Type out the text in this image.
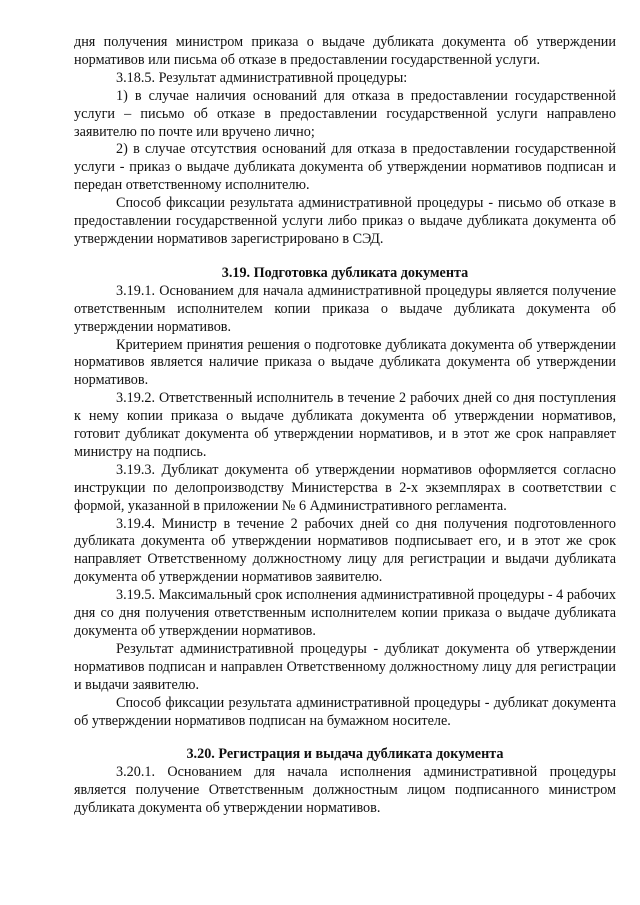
дня получения министром приказа о выдаче дубликата документа об утверждении нормативов или письма об отказе в предоставлении государственной услуги.

3.18.5. Результат административной процедуры:

1) в случае наличия оснований для отказа в предоставлении государственной услуги – письмо об отказе в предоставлении государственной услуги направлено заявителю по почте или вручено лично;

2) в случае отсутствия оснований для отказа в предоставлении государственной услуги - приказ о выдаче дубликата документа об утверждении нормативов подписан и передан ответственному исполнителю.

Способ фиксации результата административной процедуры - письмо об отказе в предоставлении государственной услуги либо приказ о выдаче дубликата документа об утверждении нормативов зарегистрировано в СЭД.

3.19. Подготовка дубликата документа

3.19.1. Основанием для начала административной процедуры является получение ответственным исполнителем копии приказа о выдаче дубликата документа об утверждении нормативов.

Критерием принятия решения о подготовке дубликата документа об утверждении нормативов является наличие приказа о выдаче дубликата документа об утверждении нормативов.

3.19.2. Ответственный исполнитель в течение 2 рабочих дней со дня поступления к нему копии приказа о выдаче дубликата документа об утверждении нормативов, готовит дубликат документа об утверждении нормативов, и в этот же срок направляет министру на подпись.

3.19.3. Дубликат документа об утверждении нормативов оформляется согласно инструкции по делопроизводству Министерства в 2-х экземплярах в соответствии с формой, указанной в приложении № 6 Административного регламента.

3.19.4. Министр в течение 2 рабочих дней со дня получения подготовленного дубликата документа об утверждении нормативов подписывает его, и в этот же срок направляет Ответственному должностному лицу для регистрации и выдачи дубликата документа об утверждении нормативов заявителю.

3.19.5. Максимальный срок исполнения административной процедуры - 4 рабочих дня со дня получения ответственным исполнителем копии приказа о выдаче дубликата документа об утверждении нормативов.

Результат административной процедуры - дубликат документа об утверждении нормативов подписан и направлен Ответственному должностному лицу для регистрации и выдачи заявителю.

Способ фиксации результата административной процедуры - дубликат документа об утверждении нормативов подписан на бумажном носителе.

3.20. Регистрация и выдача дубликата документа

3.20.1. Основанием для начала исполнения административной процедуры является получение Ответственным должностным лицом подписанного министром дубликата документа об утверждении нормативов.
